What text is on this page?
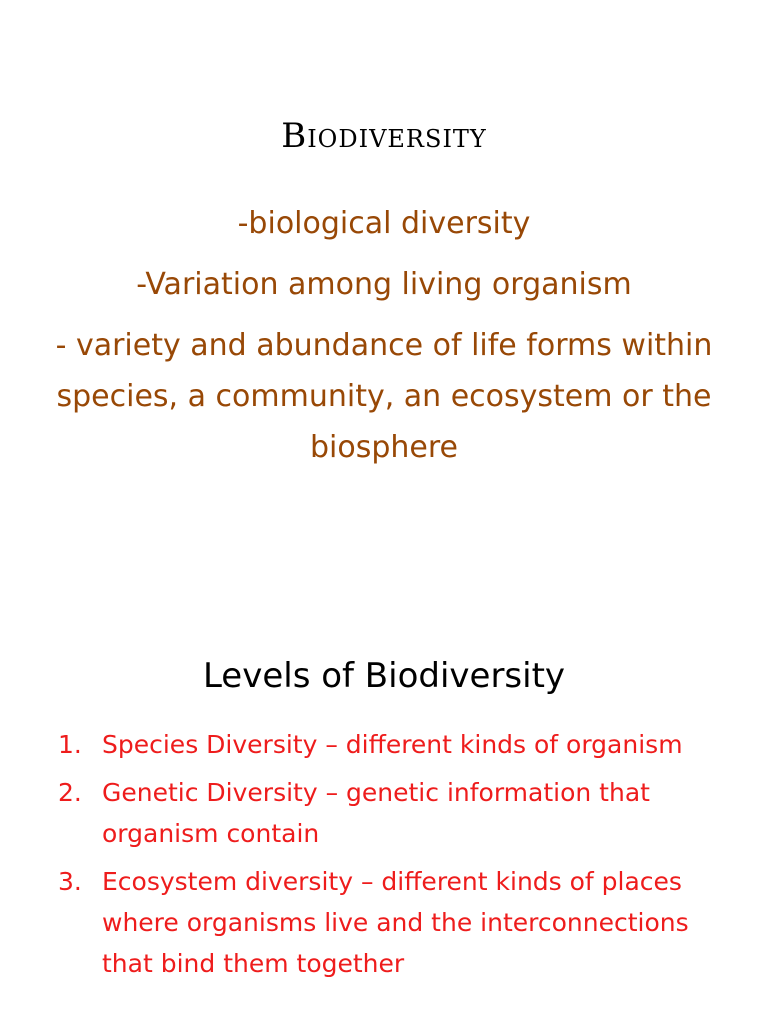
Biodiversity

-biological diversity

-Variation among living organism

- variety and abundance of life forms within species, a community, an ecosystem or the biosphere

Levels of Biodiversity
1. Species Diversity – different kinds of organism
2. Genetic Diversity – genetic information that organism contain
3. Ecosystem diversity – different kinds of places where organisms live and the interconnections that bind them together
